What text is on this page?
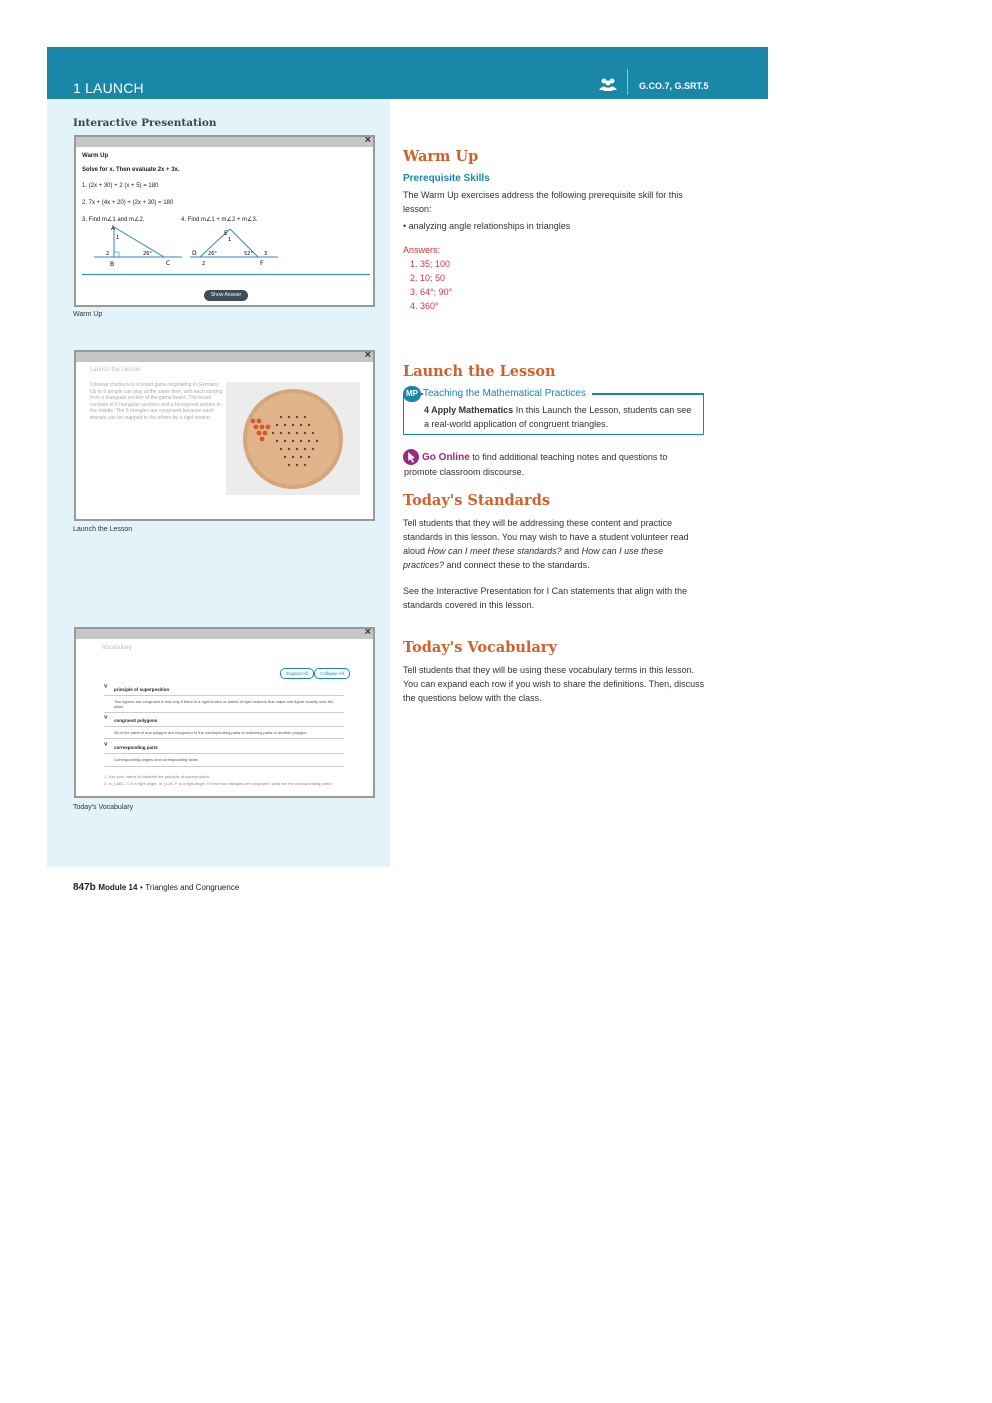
1 LAUNCH	G.CO.7, G.SRT.5
Interactive Presentation
×
Warm Up
Solve for x. Then evaluate 2x + 3x.
1. (2x + 30) + 2 (x + 5) = 180
2. 7x + (4x + 20) + (2x + 30) = 180
3. Find m∠1 and m∠2.	4. Find m∠1 + m∠2 + m∠3.
A
B	C
1
2	26°
E
D
F
1
2
3
26°	52°
Show Answer
Warm Up
×
Launch the Lesson
Chinese checkers is a board game originating in Germany. Up to 6 people can play at the same time, with each starting from a triangular section of the game board. The board consists of 6 triangular sections and a hexagonal section in the middle. The 6 triangles are congruent because each triangle can be mapped to the others by a rigid motion.
Launch the Lesson
×
Vocabulary
Expand All	Collapse All
˅ principle of superposition
Two figures are congruent if and only if there is a rigid motion or series of rigid motions that maps one figure exactly onto the other.
˅ congruent polygons
All of the parts of one polygon are congruent to the corresponding parts or matching parts of another polygon.
˅ corresponding parts
Corresponding angles and corresponding sides
1. Use your hands to illustrate the principle of superposition.
2. In △ABC, C is a right angle. In △LJK, F is a right angle. If these two triangles are congruent, what are the corresponding parts?
Today's Vocabulary
Warm Up
Prerequisite Skills
The Warm Up exercises address the following prerequisite skill for this lesson:
• analyzing angle relationships in triangles
Answers:
1. 35; 100
2. 10; 50
3. 64°; 90°
4. 360°
Launch the Lesson
MP Teaching the Mathematical Practices
4 Apply Mathematics In this Launch the Lesson, students can see a real-world application of congruent triangles.
Go Online to find additional teaching notes and questions to promote classroom discourse.
Today's Standards
Tell students that they will be addressing these content and practice standards in this lesson. You may wish to have a student volunteer read aloud How can I meet these standards? and How can I use these practices? and connect these to the standards.
See the Interactive Presentation for I Can statements that align with the standards covered in this lesson.
Today's Vocabulary
Tell students that they will be using these vocabulary terms in this lesson. You can expand each row if you wish to share the definitions. Then, discuss the questions below with the class.
847b Module 14 • Triangles and Congruence
